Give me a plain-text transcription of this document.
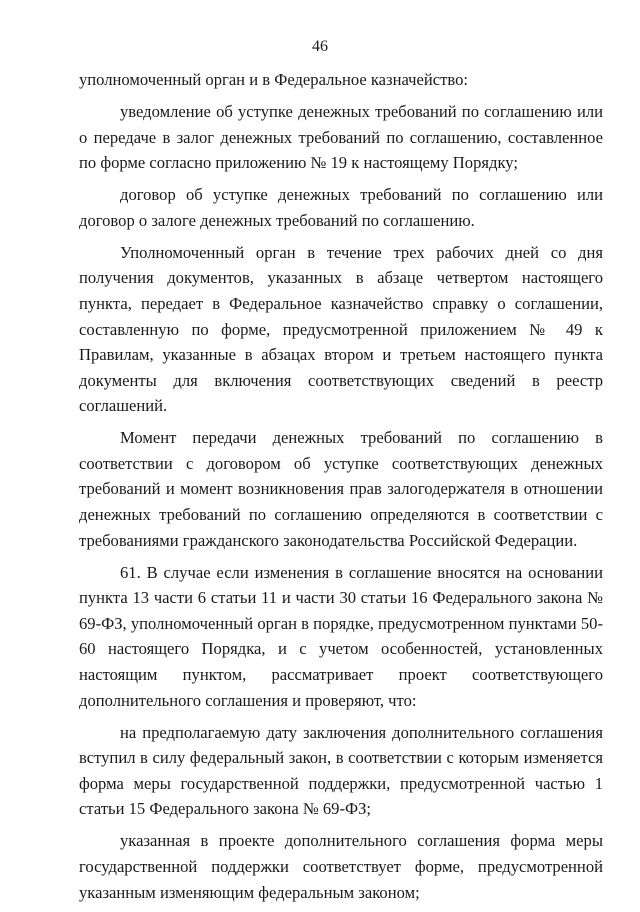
46

уполномоченный орган и в Федеральное казначейство:

уведомление об уступке денежных требований по соглашению или о передаче в залог денежных требований по соглашению, составленное по форме согласно приложению № 19 к настоящему Порядку;

договор об уступке денежных требований по соглашению или договор о залоге денежных требований по соглашению.

Уполномоченный орган в течение трех рабочих дней со дня получения документов, указанных в абзаце четвертом настоящего пункта, передает в Федеральное казначейство справку о соглашении, составленную по форме, предусмотренной приложением № 49 к Правилам, указанные в абзацах втором и третьем настоящего пункта документы для включения соответствующих сведений в реестр соглашений.

Момент передачи денежных требований по соглашению в соответствии с договором об уступке соответствующих денежных требований и момент возникновения прав залогодержателя в отношении денежных требований по соглашению определяются в соответствии с требованиями гражданского законодательства Российской Федерации.

61. В случае если изменения в соглашение вносятся на основании пункта 13 части 6 статьи 11 и части 30 статьи 16 Федерального закона № 69-ФЗ, уполномоченный орган в порядке, предусмотренном пунктами 50-60 настоящего Порядка, и с учетом особенностей, установленных настоящим пунктом, рассматривает проект соответствующего дополнительного соглашения и проверяют, что:

на предполагаемую дату заключения дополнительного соглашения вступил в силу федеральный закон, в соответствии с которым изменяется форма меры государственной поддержки, предусмотренной частью 1 статьи 15 Федерального закона № 69-ФЗ;

указанная в проекте дополнительного соглашения форма меры государственной поддержки соответствует форме, предусмотренной указанным изменяющим федеральным законом;
